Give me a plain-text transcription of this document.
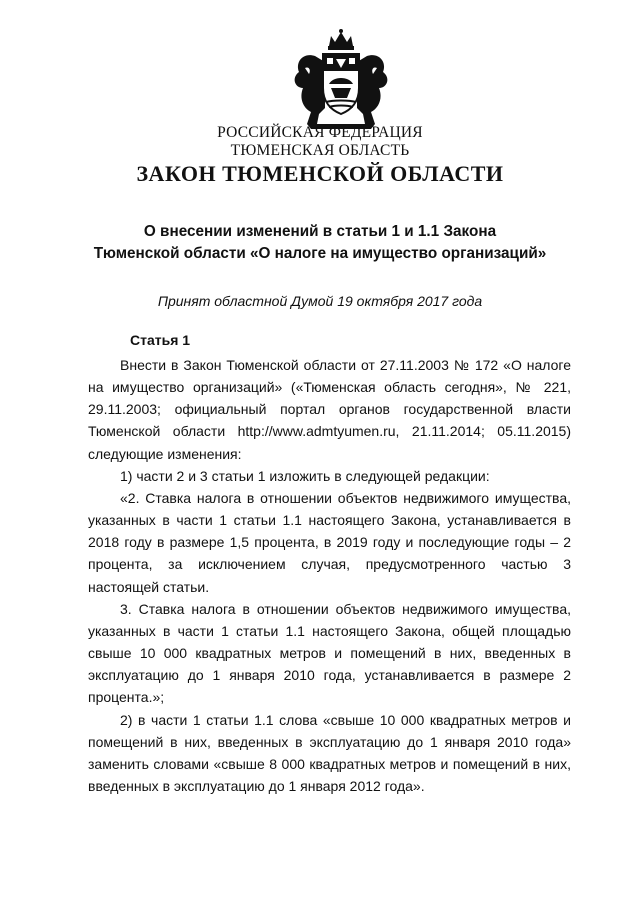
РОССИЙСКАЯ ФЕДЕРАЦИЯ
ТЮМЕНСКАЯ ОБЛАСТЬ
ЗАКОН ТЮМЕНСКОЙ ОБЛАСТИ
О внесении изменений в статьи 1 и 1.1 Закона
Тюменской области «О налоге на имущество организаций»
Принят областной Думой 19 октября 2017 года
Статья 1

Внести в Закон Тюменской области от 27.11.2003 № 172 «О налоге на имущество организаций» («Тюменская область сегодня», № 221, 29.11.2003; официальный портал органов государственной власти Тюменской области http://www.admtyumen.ru, 21.11.2014; 05.11.2015) следующие изменения:

1) части 2 и 3 статьи 1 изложить в следующей редакции:

«2. Ставка налога в отношении объектов недвижимого имущества, указанных в части 1 статьи 1.1 настоящего Закона, устанавливается в 2018 году в размере 1,5 процента, в 2019 году и последующие годы – 2 процента, за исключением случая, предусмотренного частью 3 настоящей статьи.

3. Ставка налога в отношении объектов недвижимого имущества, указанных в части 1 статьи 1.1 настоящего Закона, общей площадью свыше 10 000 квадратных метров и помещений в них, введенных в эксплуатацию до 1 января 2010 года, устанавливается в размере 2 процента.»;

2) в части 1 статьи 1.1 слова «свыше 10 000 квадратных метров и помещений в них, введенных в эксплуатацию до 1 января 2010 года» заменить словами «свыше 8 000 квадратных метров и помещений в них, введенных в эксплуатацию до 1 января 2012 года».
